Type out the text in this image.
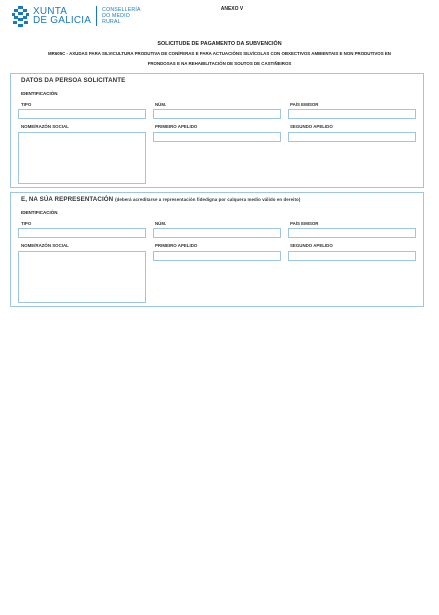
XUNTA
DE GALICIA
CONSELLERÍA
DO MEDIO
RURAL
ANEXO V
SOLICITUDE DE PAGAMENTO DA SUBVENCIÓN
MR605C - AXUDAS PARA SILVICULTURA PRODUTIVA DE CONÍFERAS E PARA ACTUACIÓNS SILVÍCOLAS CON OBXECTIVOS AMBIENTAIS E NON PRODUTIVOS EN
FRONDOSAS E NA REHABILITACIÓN DE SOUTOS DE CASTIÑEIROS
DATOS DA PERSOA SOLICITANTE
IDENTIFICACIÓN
TIPO	NÚM.	PAÍS EMISOR
NOME/RAZÓN SOCIAL	PRIMEIRO APELIDO	SEGUNDO APELIDO
E, NA SÚA REPRESENTACIÓN (deberá acreditarse a representación fidedigna por calquera medio válido en dereito)
IDENTIFICACIÓN
TIPO	NÚM.	PAÍS EMISOR
NOME/RAZÓN SOCIAL	PRIMEIRO APELIDO	SEGUNDO APELIDO
